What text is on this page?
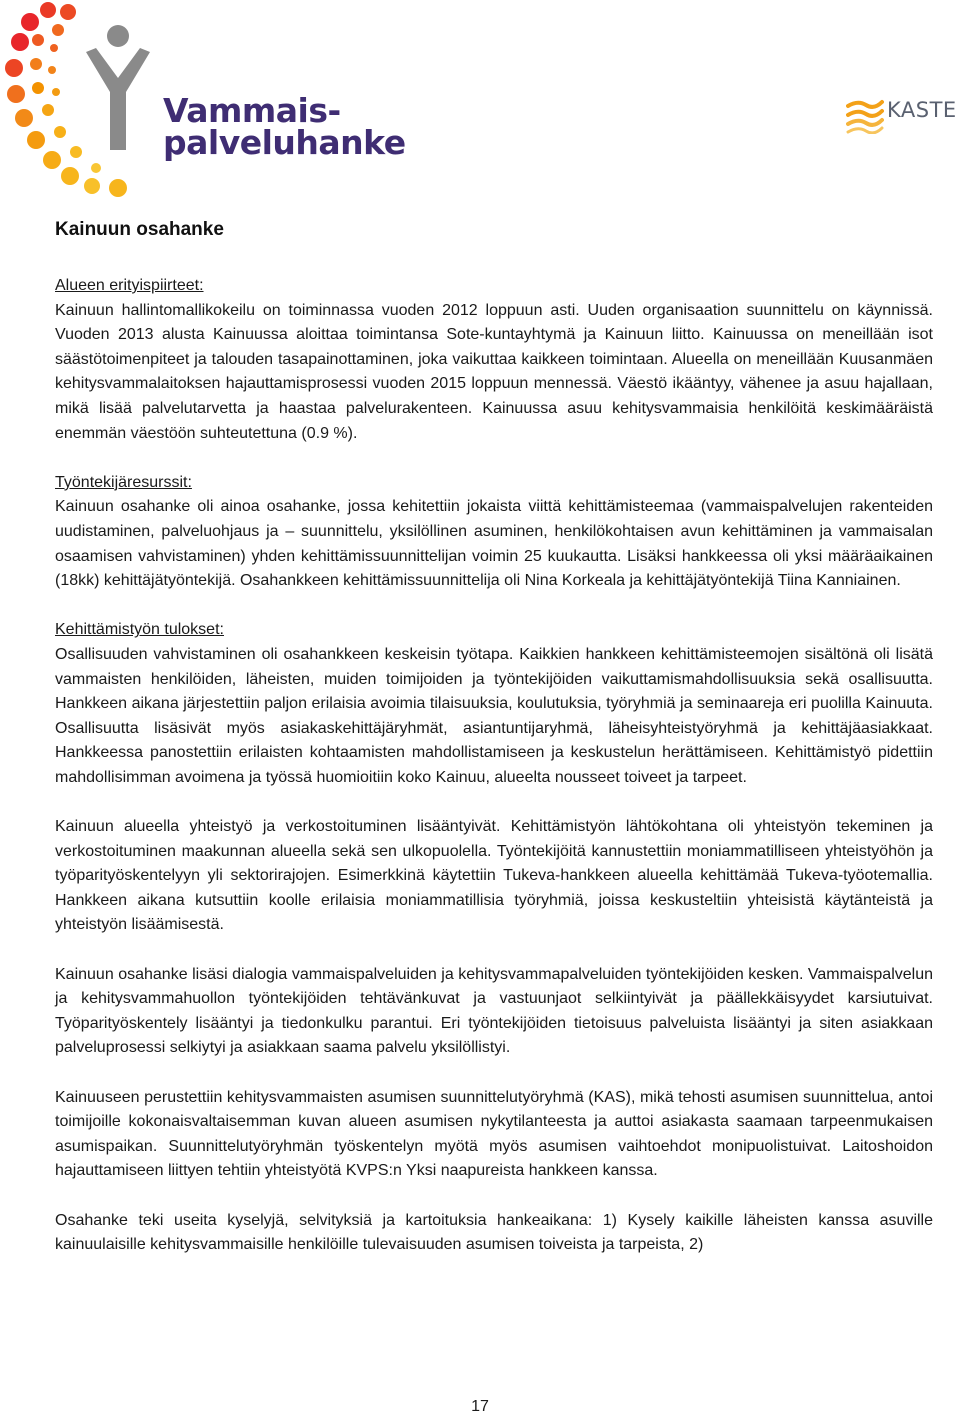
Vammais-
palveluhanke
KASTE
Kainuun osahanke

Alueen erityispiirteet:

Kainuun hallintomallikokeilu on toiminnassa vuoden 2012 loppuun asti. Uuden organisaation suunnittelu on käynnissä. Vuoden 2013 alusta Kainuussa aloittaa toimintansa Sote-kuntayhtymä ja Kainuun liitto. Kainuussa on meneillään isot säästötoimenpiteet ja talouden tasapainottaminen, joka vaikuttaa kaikkeen toimintaan. Alueella on meneillään Kuusanmäen kehitysvammalaitoksen hajauttamisprosessi vuoden 2015 loppuun mennessä. Väestö ikääntyy, vähenee ja asuu hajallaan, mikä lisää palvelutarvetta ja haastaa palvelurakenteen. Kainuussa asuu kehitysvammaisia henkilöitä keskimääräistä enemmän väestöön suhteutettuna (0.9 %).

Työntekijäresurssit:

Kainuun osahanke oli ainoa osahanke, jossa kehitettiin jokaista viittä kehittämisteemaa (vammaispalvelujen rakenteiden uudistaminen, palveluohjaus ja – suunnittelu, yksilöllinen asuminen, henkilökohtaisen avun kehittäminen ja vammaisalan osaamisen vahvistaminen) yhden kehittämissuunnittelijan voimin 25 kuukautta. Lisäksi hankkeessa oli yksi määräaikainen (18kk) kehittäjätyöntekijä. Osahankkeen kehittämissuunnittelija oli Nina Korkeala ja kehittäjätyöntekijä Tiina Kanniainen.

Kehittämistyön tulokset:

Osallisuuden vahvistaminen oli osahankkeen keskeisin työtapa. Kaikkien hankkeen kehittämisteemojen sisältönä oli lisätä vammaisten henkilöiden, läheisten, muiden toimijoiden ja työntekijöiden vaikuttamismahdollisuuksia sekä osallisuutta. Hankkeen aikana järjestettiin paljon erilaisia avoimia tilaisuuksia, koulutuksia, työryhmiä ja seminaareja eri puolilla Kainuuta. Osallisuutta lisäsivät myös asiakaskehittäjäryhmät, asiantuntijaryhmä, läheisyhteistyöryhmä ja kehittäjäasiakkaat. Hankkeessa panostettiin erilaisten kohtaamisten mahdollistamiseen ja keskustelun herättämiseen. Kehittämistyö pidettiin mahdollisimman avoimena ja työssä huomioitiin koko Kainuu, alueelta nousseet toiveet ja tarpeet.

Kainuun alueella yhteistyö ja verkostoituminen lisääntyivät. Kehittämistyön lähtökohtana oli yhteistyön tekeminen ja verkostoituminen maakunnan alueella sekä sen ulkopuolella. Työntekijöitä kannustettiin moniammatilliseen yhteistyöhön ja työparityöskentelyyn yli sektorirajojen. Esimerkkinä käytettiin Tukeva-hankkeen alueella kehittämää Tukeva-työotemallia. Hankkeen aikana kutsuttiin koolle erilaisia moniammatillisia työryhmiä, joissa keskusteltiin yhteisistä käytänteistä ja yhteistyön lisäämisestä.

Kainuun osahanke lisäsi dialogia vammaispalveluiden ja kehitysvammapalveluiden työntekijöiden kesken. Vammaispalvelun ja kehitysvammahuollon työntekijöiden tehtävänkuvat ja vastuunjaot selkiintyivät ja päällekkäisyydet karsiutuivat. Työparityöskentely lisääntyi ja tiedonkulku parantui. Eri työntekijöiden tietoisuus palveluista lisääntyi ja siten asiakkaan palveluprosessi selkiytyi ja asiakkaan saama palvelu yksilöllistyi.

Kainuuseen perustettiin kehitysvammaisten asumisen suunnittelutyöryhmä (KAS), mikä tehosti asumisen suunnittelua, antoi toimijoille kokonaisvaltaisemman kuvan alueen asumisen nykytilanteesta ja auttoi asiakasta saamaan tarpeenmukaisen asumispaikan. Suunnittelutyöryhmän työskentelyn myötä myös asumisen vaihtoehdot monipuolistuivat. Laitoshoidon hajauttamiseen liittyen tehtiin yhteistyötä KVPS:n Yksi naapureista hankkeen kanssa.

Osahanke teki useita kyselyjä, selvityksiä ja kartoituksia hankeaikana: 1) Kysely kaikille läheisten kanssa asuville kainuulaisille kehitysvammaisille henkilöille tulevaisuuden asumisen toiveista ja tarpeista, 2)

17
